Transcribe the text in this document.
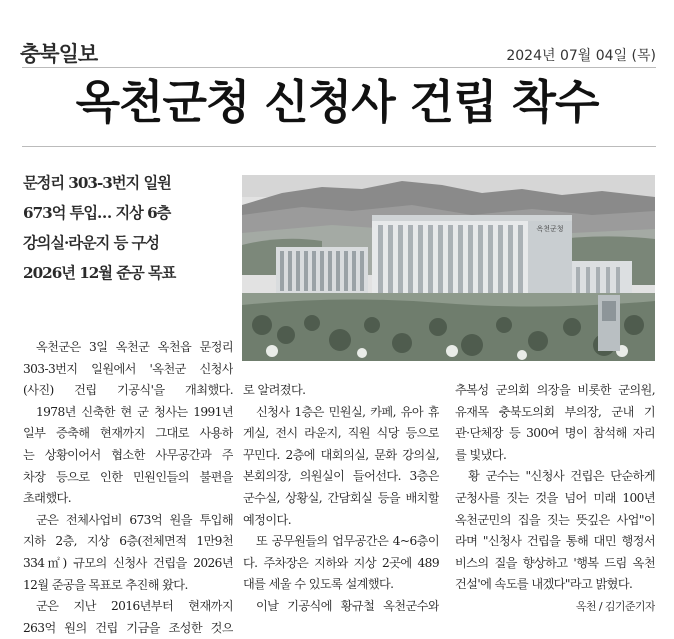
충북일보	2024년 07월 04일 (목)
옥천군청 신청사 건립 착수
문정리 303-3번지 일원
673억 투입… 지상 6층
강의실·라운지 등 구성
2026년 12월 준공 목표
옥천군청
옥천군은 3일 옥천군 옥천읍 문정리
303-3번지 일원에서 '옥천군 신청사
(사진) 건립 기공식'을 개최했다.
1978년 신축한 현 군 청사는 1991년
일부 증축해 현재까지 그대로 사용하
는 상황이어서 협소한 사무공간과 주
차장 등으로 인한 민원인들의 불편을
초래했다.
군은 전체사업비 673억 원을 투입해
지하 2층, 지상 6층(전체면적 1만9천
334㎡) 규모의 신청사 건립을 2026년
12월 준공을 목표로 추진해 왔다.
군은 지난 2016년부터 현재까지
263억 원의 건립 기금을 조성한 것으
로 알려졌다.
신청사 1층은 민원실, 카페, 유아 휴
게실, 전시 라운지, 직원 식당 등으로
꾸민다. 2층에 대회의실, 문화 강의실,
본회의장, 의원실이 들어선다. 3층은
군수실, 상황실, 간담회실 등을 배치할
예정이다.
또 공무원들의 업무공간은 4~6층이
다. 주차장은 지하와 지상 2곳에 489
대를 세울 수 있도록 설계했다.
이날 기공식에 황규철 옥천군수와
추복성 군의회 의장을 비롯한 군의원,
유재목 충북도의회 부의장, 군내 기
관·단체장 등 300여 명이 참석해 자리
를 빛냈다.
황 군수는 "신청사 건립은 단순하게
군청사를 짓는 것을 넘어 미래 100년
옥천군민의 집을 짓는 뜻깊은 사업"이
라며 "신청사 건립을 통해 대민 행정서
비스의 질을 향상하고 '행복 드림 옥천
건설'에 속도를 내겠다"라고 밝혔다.
옥천 / 김기준기자
